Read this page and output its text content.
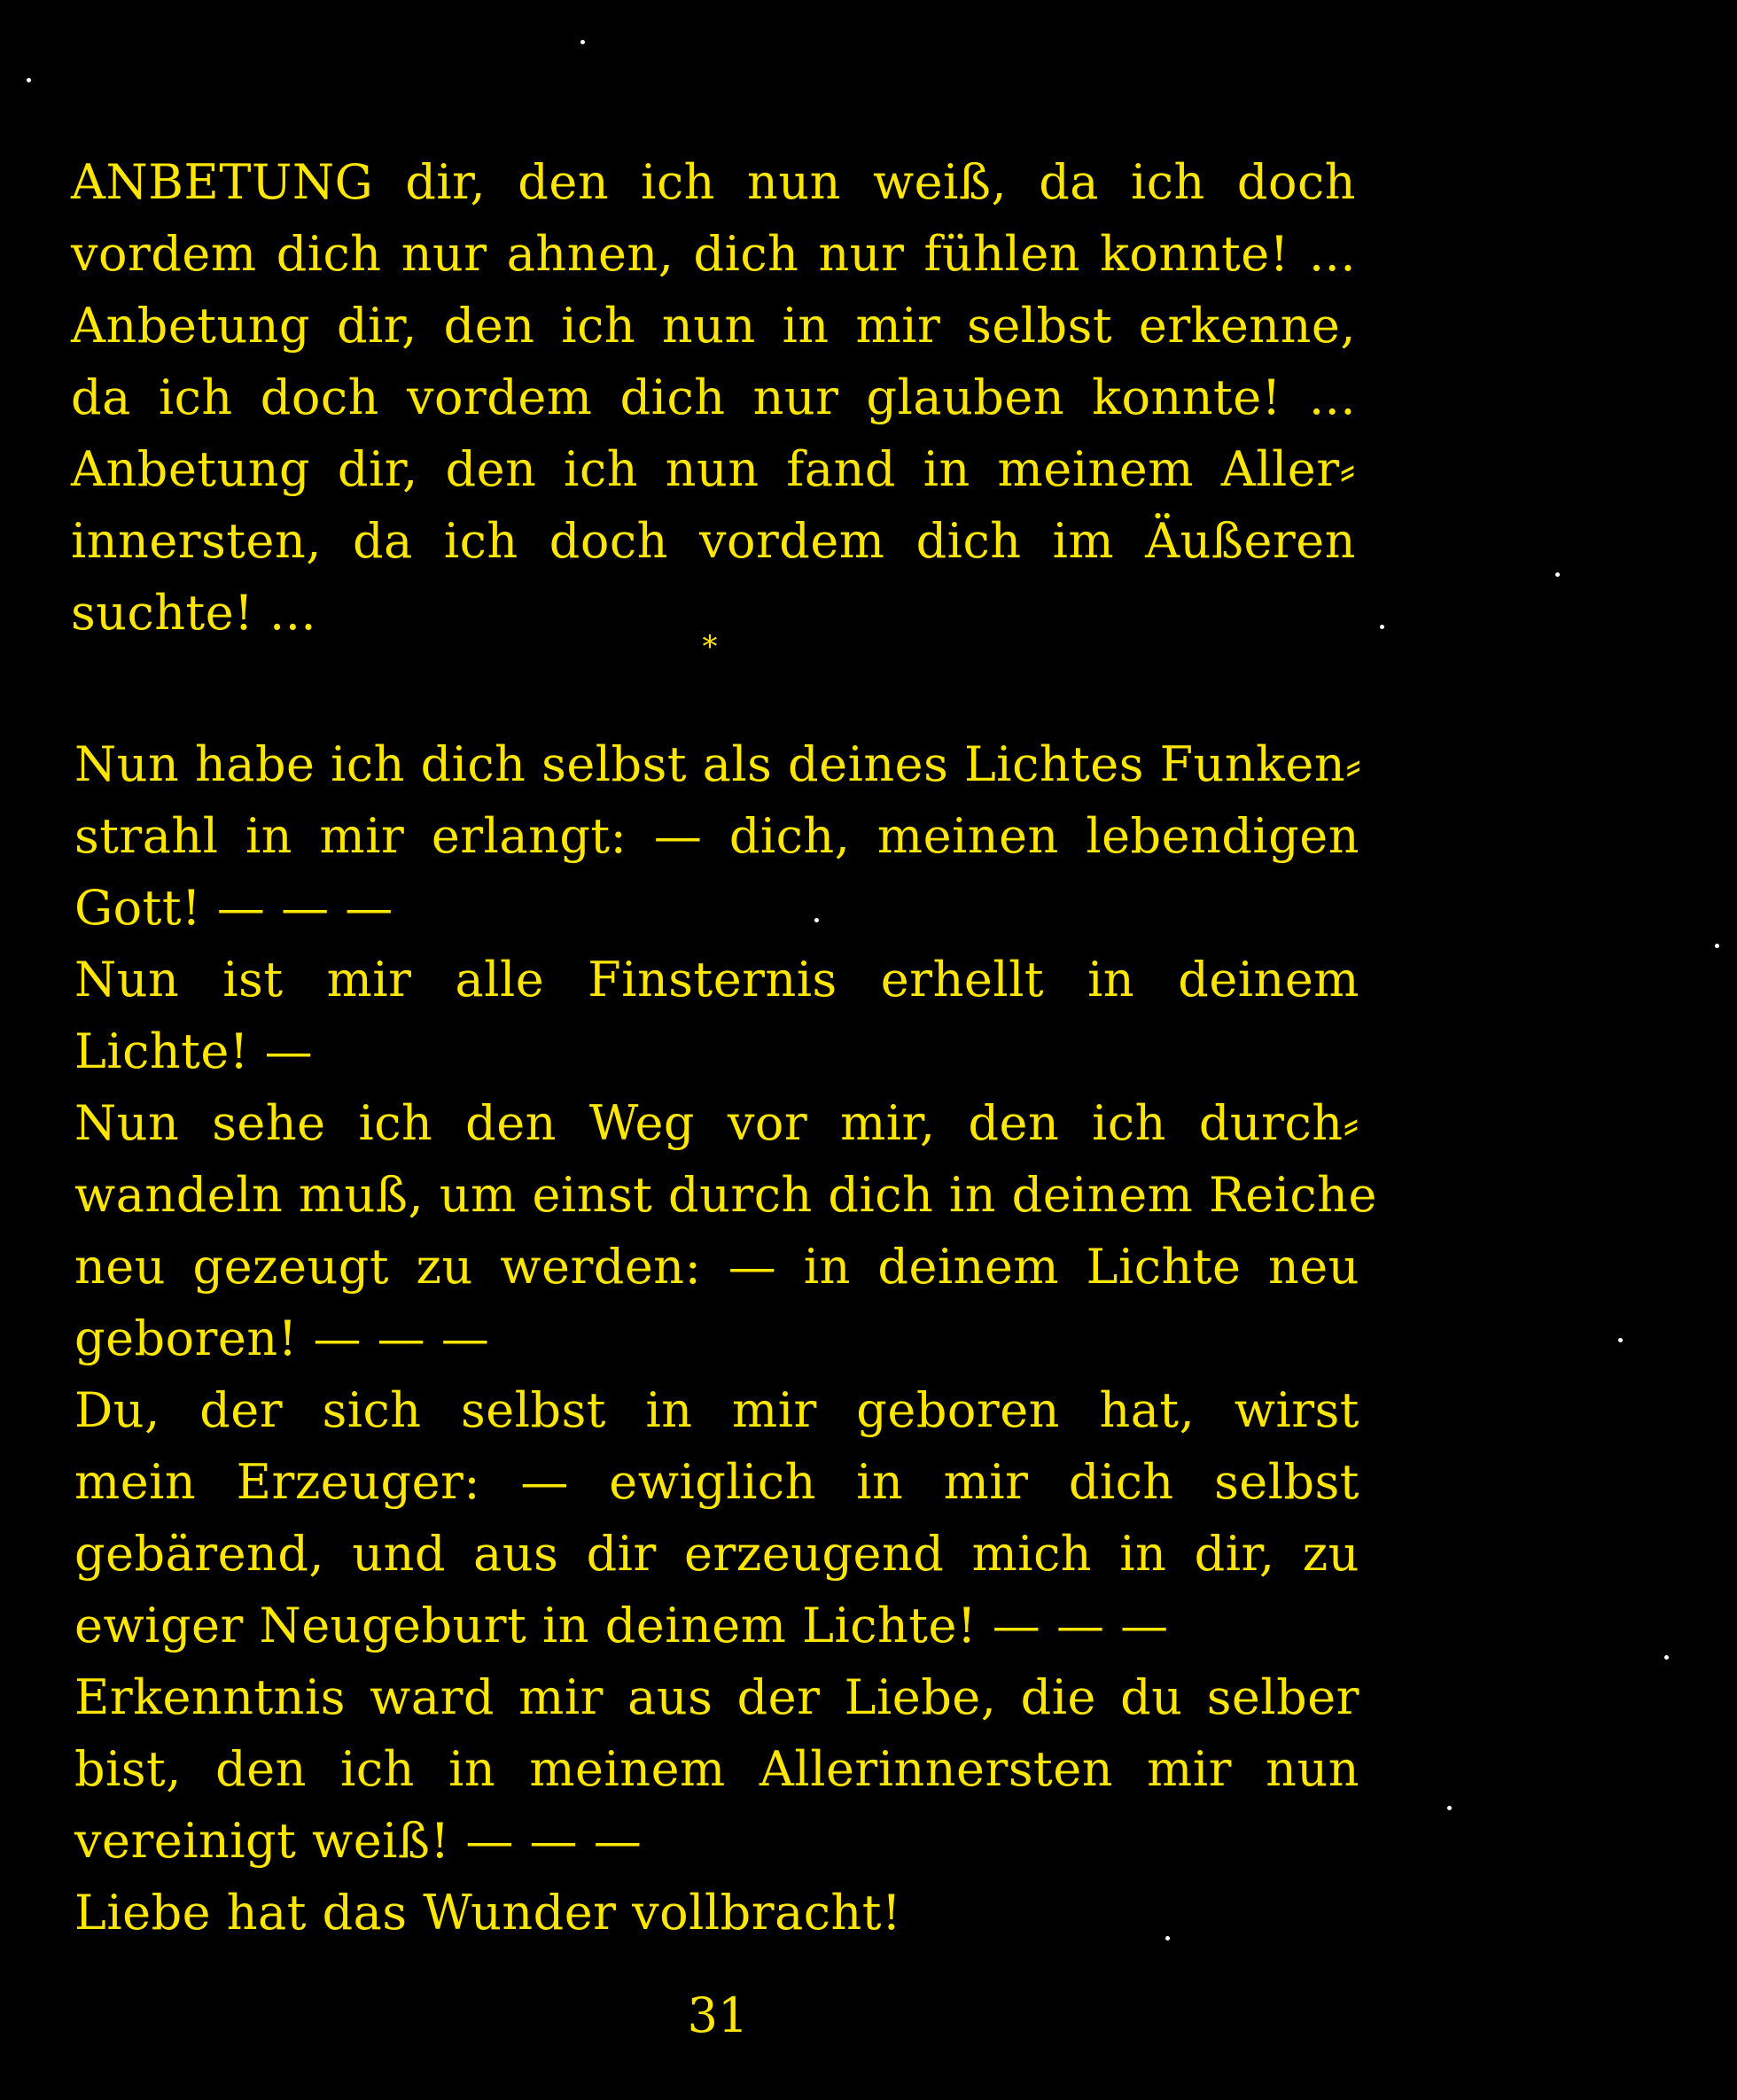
ANBETUNG dir, den ich nun weiß, da ich doch
vordem dich nur ahnen, dich nur fühlen konnte! ...
Anbetung dir, den ich nun in mir selbst erkenne,
da ich doch vordem dich nur glauben konnte! ...
Anbetung dir, den ich nun fand in meinem Aller⸗
innersten, da ich doch vordem dich im Äußeren
suchte! ...
*
Nun habe ich dich selbst als deines Lichtes Funken⸗
strahl in mir erlangt: — dich, meinen lebendigen
Gott! — — —
Nun ist mir alle Finsternis erhellt in deinem
Lichte! —
Nun sehe ich den Weg vor mir, den ich durch⸗
wandeln muß, um einst durch dich in deinem Reiche
neu gezeugt zu werden: — in deinem Lichte neu
geboren! — — —
Du, der sich selbst in mir geboren hat, wirst
mein Erzeuger: — ewiglich in mir dich selbst
gebärend, und aus dir erzeugend mich in dir, zu
ewiger Neugeburt in deinem Lichte! — — —
Erkenntnis ward mir aus der Liebe, die du selber
bist, den ich in meinem Allerinnersten mir nun
vereinigt weiß! — — —
Liebe hat das Wunder vollbracht!
31
